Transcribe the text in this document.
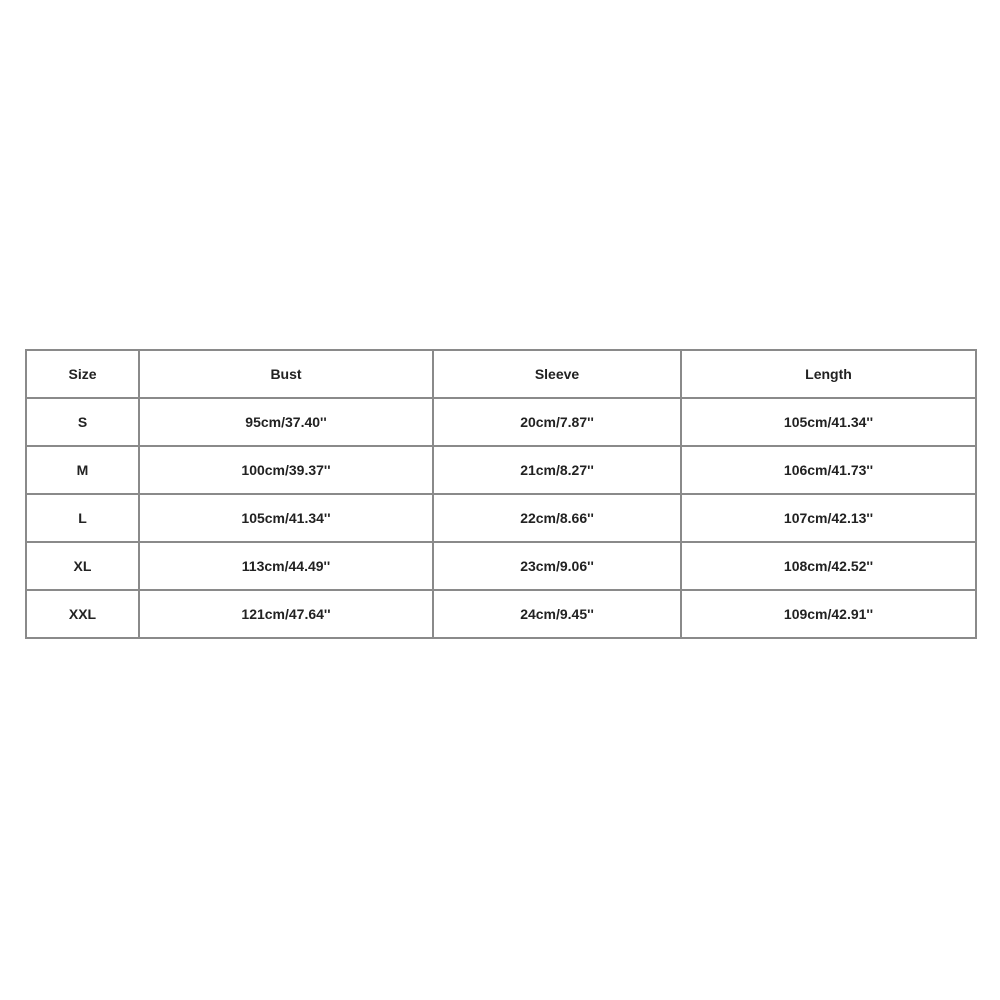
Size	Bust	Sleeve	Length
S	95cm/37.40''	20cm/7.87''	105cm/41.34''
M	100cm/39.37''	21cm/8.27''	106cm/41.73''
L	105cm/41.34''	22cm/8.66''	107cm/42.13''
XL	113cm/44.49''	23cm/9.06''	108cm/42.52''
XXL	121cm/47.64''	24cm/9.45''	109cm/42.91''
